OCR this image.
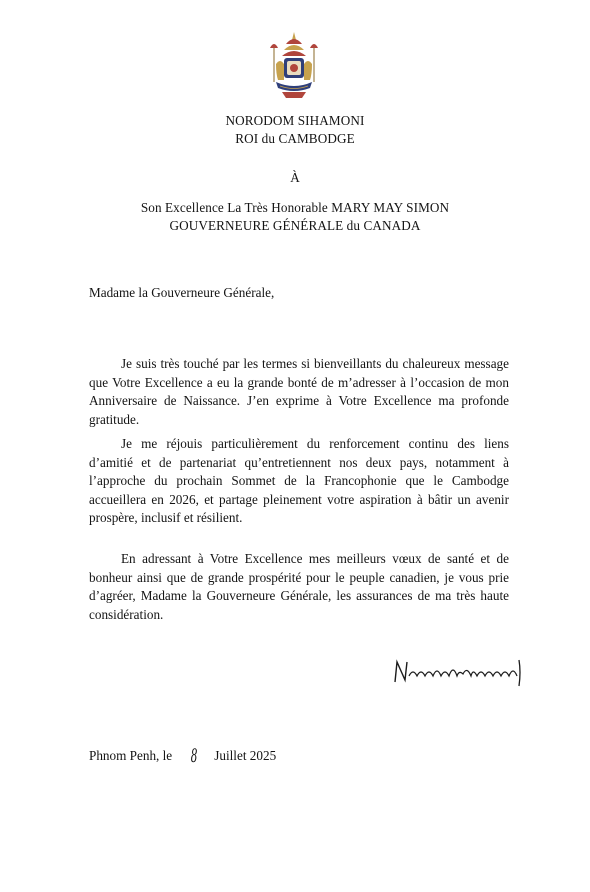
NORODOM SIHAMONI
ROI du CAMBODGE
À
Son Excellence La Très Honorable MARY MAY SIMON
GOUVERNEURE GÉNÉRALE du CANADA
Madame la Gouverneure Générale,

Je suis très touché par les termes si bienveillants du chaleureux message que Votre Excellence a eu la grande bonté de m’adresser à l’occasion de mon Anniversaire de Naissance. J’en exprime à Votre Excellence ma profonde gratitude.

Je me réjouis particulièrement du renforcement continu des liens d’amitié et de partenariat qu’entretiennent nos deux pays, notamment à l’approche du prochain Sommet de la Francophonie que le Cambodge accueillera en 2026, et partage pleinement votre aspiration à bâtir un avenir prospère, inclusif et résilient.

En adressant à Votre Excellence mes meilleurs vœux de santé et de bonheur ainsi que de grande prospérité pour le peuple canadien, je vous prie d’agréer, Madame la Gouverneure Générale, les assurances de ma très haute considération.

Phnom Penh, le 8 Juillet 2025
